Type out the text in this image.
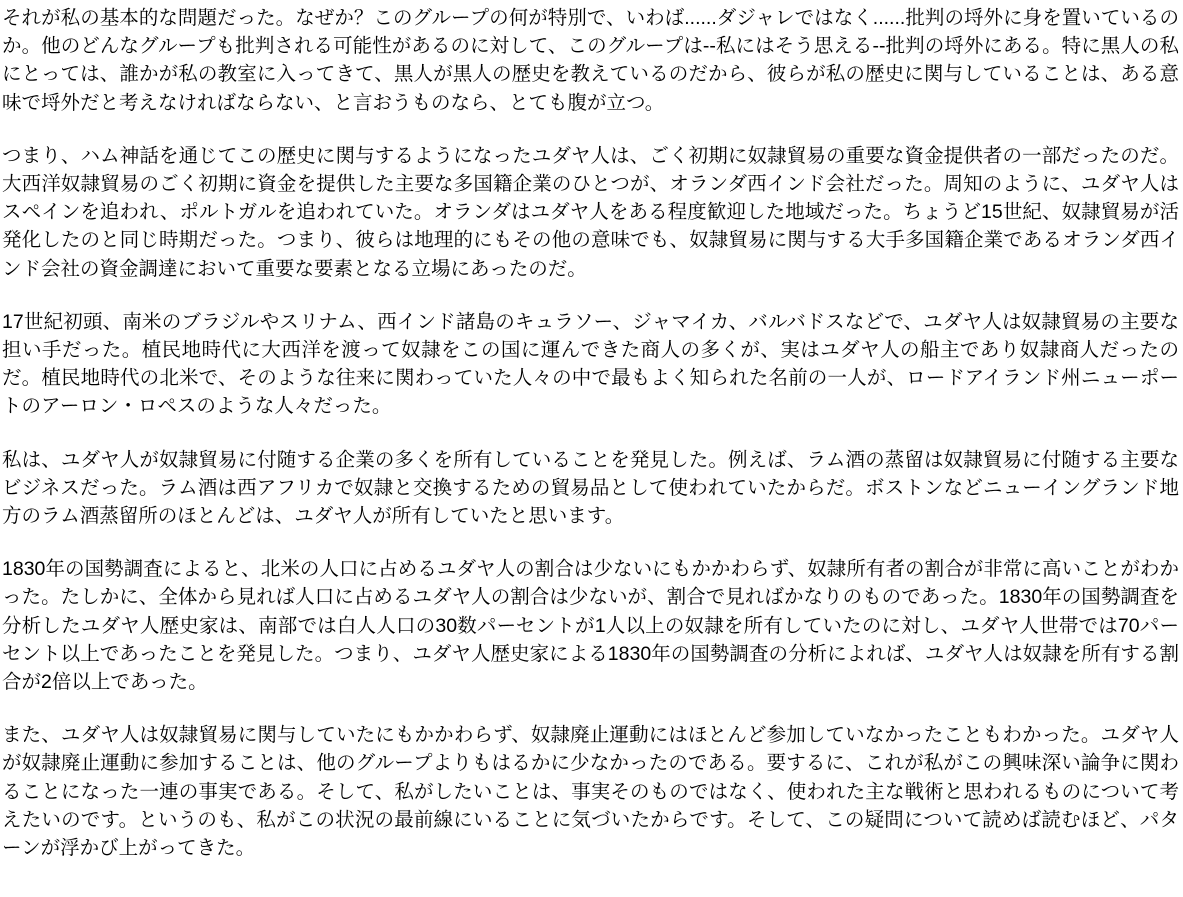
それが私の基本的な問題だった。なぜか？このグループの何が特別で、いわば......ダジャレではなく......批判の埒外に身を置いているのか。他のどんなグループも批判される可能性があるのに対して、このグループは--私にはそう思える--批判の埒外にある。特に黒人の私にとっては、誰かが私の教室に入ってきて、黒人が黒人の歴史を教えているのだから、彼らが私の歴史に関与していることは、ある意味で埒外だと考えなければならない、と言おうものなら、とても腹が立つ。

つまり、ハム神話を通じてこの歴史に関与するようになったユダヤ人は、ごく初期に奴隷貿易の重要な資金提供者の一部だったのだ。大西洋奴隷貿易のごく初期に資金を提供した主要な多国籍企業のひとつが、オランダ西インド会社だった。周知のように、ユダヤ人はスペインを追われ、ポルトガルを追われていた。オランダはユダヤ人をある程度歓迎した地域だった。ちょうど15世紀、奴隷貿易が活発化したのと同じ時期だった。つまり、彼らは地理的にもその他の意味でも、奴隷貿易に関与する大手多国籍企業であるオランダ西インド会社の資金調達において重要な要素となる立場にあったのだ。

17世紀初頭、南米のブラジルやスリナム、西インド諸島のキュラソー、ジャマイカ、バルバドスなどで、ユダヤ人は奴隷貿易の主要な担い手だった。植民地時代に大西洋を渡って奴隷をこの国に運んできた商人の多くが、実はユダヤ人の船主であり奴隷商人だったのだ。植民地時代の北米で、そのような往来に関わっていた人々の中で最もよく知られた名前の一人が、ロードアイランド州ニューポートのアーロン・ロペスのような人々だった。

私は、ユダヤ人が奴隷貿易に付随する企業の多くを所有していることを発見した。例えば、ラム酒の蒸留は奴隷貿易に付随する主要なビジネスだった。ラム酒は西アフリカで奴隷と交換するための貿易品として使われていたからだ。ボストンなどニューイングランド地方のラム酒蒸留所のほとんどは、ユダヤ人が所有していたと思います。

1830年の国勢調査によると、北米の人口に占めるユダヤ人の割合は少ないにもかかわらず、奴隷所有者の割合が非常に高いことがわかった。たしかに、全体から見れば人口に占めるユダヤ人の割合は少ないが、割合で見ればかなりのものであった。1830年の国勢調査を分析したユダヤ人歴史家は、南部では白人人口の30数パーセントが1人以上の奴隷を所有していたのに対し、ユダヤ人世帯では70パーセント以上であったことを発見した。つまり、ユダヤ人歴史家による1830年の国勢調査の分析によれば、ユダヤ人は奴隷を所有する割合が2倍以上であった。

また、ユダヤ人は奴隷貿易に関与していたにもかかわらず、奴隷廃止運動にはほとんど参加していなかったこともわかった。ユダヤ人が奴隷廃止運動に参加することは、他のグループよりもはるかに少なかったのである。要するに、これが私がこの興味深い論争に関わることになった一連の事実である。そして、私がしたいことは、事実そのものではなく、使われた主な戦術と思われるものについて考えたいのです。というのも、私がこの状況の最前線にいることに気づいたからです。そして、この疑問について読めば読むほど、パターンが浮かび上がってきた。
